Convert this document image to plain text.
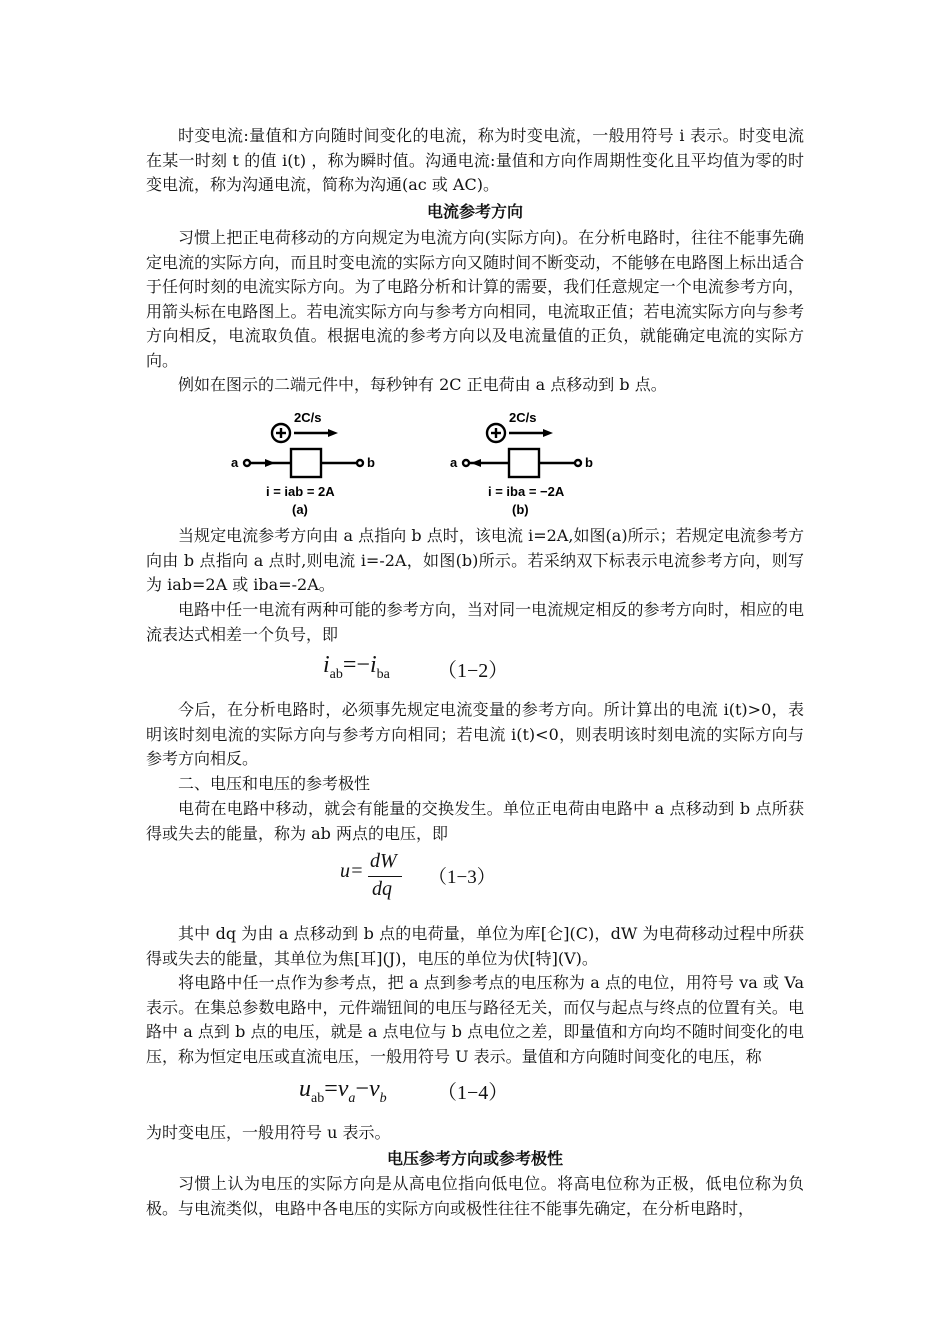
时变电流:量值和方向随时间变化的电流，称为时变电流，一般用符号 i 表示。时变电流在某一时刻 t 的值 i(t) ，称为瞬时值。沟通电流:量值和方向作周期性变化且平均值为零的时变电流，称为沟通电流，简称为沟通(ac 或 AC)。

电流参考方向

习惯上把正电荷移动的方向规定为电流方向(实际方向)。在分析电路时，往往不能事先确定电流的实际方向，而且时变电流的实际方向又随时间不断变动，不能够在电路图上标出适合于任何时刻的电流实际方向。为了电路分析和计算的需要，我们任意规定一个电流参考方向，用箭头标在电路图上。若电流实际方向与参考方向相同，电流取正值；若电流实际方向与参考方向相反，电流取负值。根据电流的参考方向以及电流量值的正负，就能确定电流的实际方向。

例如在图示的二端元件中，每秒钟有 2C 正电荷由 a 点移动到 b 点。

2C/s
a	b
i = iab = 2A
(a)
2C/s
a	b
i = iba = −2A
(b)

当规定电流参考方向由 a 点指向 b 点时，该电流 i=2A,如图(a)所示；若规定电流参考方向由 b 点指向 a 点时,则电流 i=-2A，如图(b)所示。若采纳双下标表示电流参考方向，则写为 iab=2A 或 iba=-2A。

电路中任一电流有两种可能的参考方向，当对同一电流规定相反的参考方向时，相应的电流表达式相差一个负号，即

$i_{ab}=-i_{ba}$ （1−2）

今后，在分析电路时，必须事先规定电流变量的参考方向。所计算出的电流 i(t)>0，表明该时刻电流的实际方向与参考方向相同；若电流 i(t)<0，则表明该时刻电流的实际方向与参考方向相反。

二、电压和电压的参考极性

电荷在电路中移动，就会有能量的交换发生。单位正电荷由电路中 a 点移动到 b 点所获得或失去的能量，称为 ab 两点的电压，即

u= dW
dq
（1−3）

其中 dq 为由 a 点移动到 b 点的电荷量，单位为库[仑](C)，dW 为电荷移动过程中所获得或失去的能量，其单位为焦[耳](J)，电压的单位为伏[特](V)。

将电路中任一点作为参考点，把 a 点到参考点的电压称为 a 点的电位，用符号 va 或 Va 表示。在集总参数电路中，元件端钮间的电压与路径无关，而仅与起点与终点的位置有关。电路中 a 点到 b 点的电压，就是 a 点电位与 b 点电位之差，即量值和方向均不随时间变化的电压，称为恒定电压或直流电压，一般用符号 U 表示。量值和方向随时间变化的电压，称

$u_{ab}=v_a-v_b$	（1−4）

为时变电压，一般用符号 u 表示。

电压参考方向或参考极性

习惯上认为电压的实际方向是从高电位指向低电位。将高电位称为正极，低电位称为负极。与电流类似，电路中各电压的实际方向或极性往往不能事先确定，在分析电路时，
